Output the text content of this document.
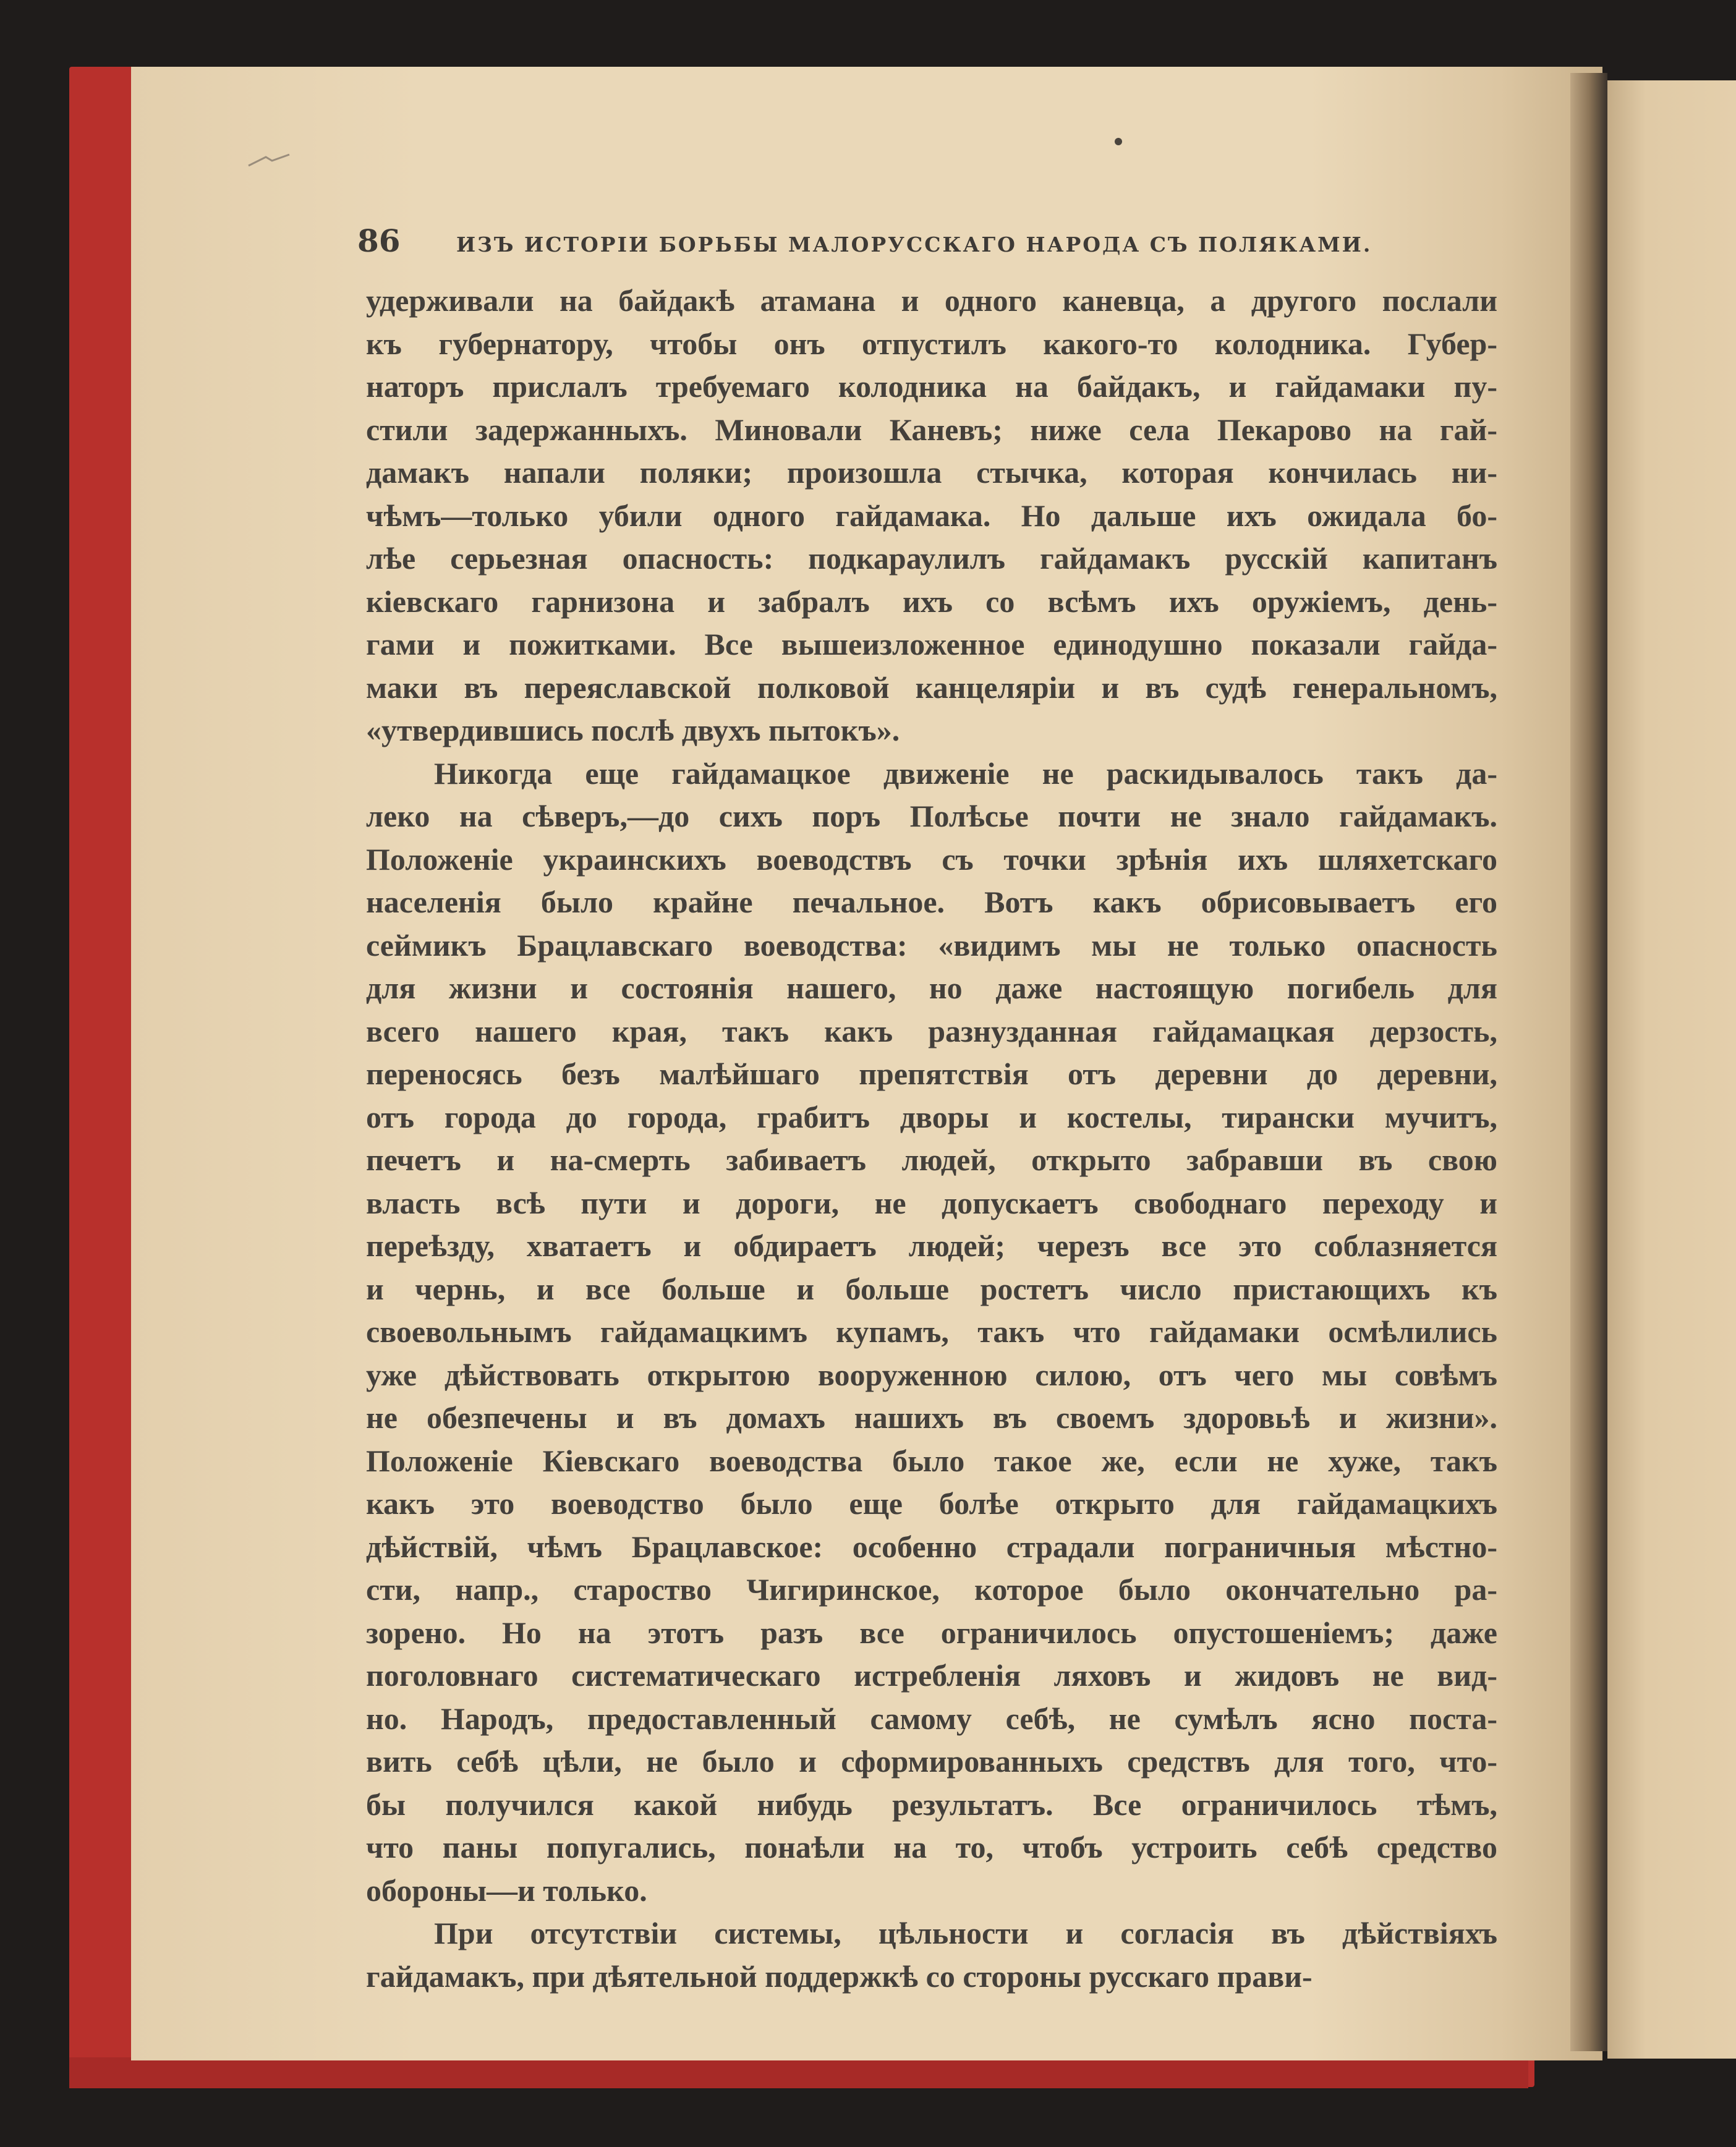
86	ИЗЪ ИСТОРІИ БОРЬБЫ МАЛОРУССКАГО НАРОДА СЪ ПОЛЯКАМИ.
удерживали на байдакѣ атамана и одного каневца, а другого послали
къ губернатору, чтобы онъ отпустилъ какого-то колодника. Губер-
наторъ прислалъ требуемаго колодника на байдакъ, и гайдамаки пу-
стили задержанныхъ. Миновали Каневъ; ниже села Пекарово на гай-
дамакъ напали поляки; произошла стычка, которая кончилась ни-
чѣмъ—только убили одного гайдамака. Но дальше ихъ ожидала бо-
лѣе серьезная опасность: подкараулилъ гайдамакъ русскій капитанъ
кіевскаго гарнизона и забралъ ихъ со всѣмъ ихъ оружіемъ, день-
гами и пожитками. Все вышеизложенное единодушно показали гайда-
маки въ переяславской полковой канцеляріи и въ судѣ генеральномъ,
«утвердившись послѣ двухъ пытокъ».
Никогда еще гайдамацкое движеніе не раскидывалось такъ да-
леко на сѣверъ,—до сихъ поръ Полѣсье почти не знало гайдамакъ.
Положеніе украинскихъ воеводствъ съ точки зрѣнія ихъ шляхетскаго
населенія было крайне печальное. Вотъ какъ обрисовываетъ его
сеймикъ Брацлавскаго воеводства: «видимъ мы не только опасность
для жизни и состоянія нашего, но даже настоящую погибель для
всего нашего края, такъ какъ разнузданная гайдамацкая дерзость,
переносясь безъ малѣйшаго препятствія отъ деревни до деревни,
отъ города до города, грабитъ дворы и костелы, тирански мучитъ,
печетъ и на-смерть забиваетъ людей, открыто забравши въ свою
власть всѣ пути и дороги, не допускаетъ свободнаго переходу и
переѣзду, хватаетъ и обдираетъ людей; черезъ все это соблазняется
и чернь, и все больше и больше ростетъ число пристающихъ къ
своевольнымъ гайдамацкимъ купамъ, такъ что гайдамаки осмѣлились
уже дѣйствовать открытою вооруженною силою, отъ чего мы совѣмъ
не обезпечены и въ домахъ нашихъ въ своемъ здоровьѣ и жизни».
Положеніе Кіевскаго воеводства было такое же, если не хуже, такъ
какъ это воеводство было еще болѣе открыто для гайдамацкихъ
дѣйствій, чѣмъ Брацлавское: особенно страдали пограничныя мѣстно-
сти, напр., староство Чигиринское, которое было окончательно ра-
зорено. Но на этотъ разъ все ограничилось опустошеніемъ; даже
поголовнаго систематическаго истребленія ляховъ и жидовъ не вид-
но. Народъ, предоставленный самому себѣ, не сумѣлъ ясно поста-
вить себѣ цѣли, не было и сформированныхъ средствъ для того, что-
бы получился какой нибудь результатъ. Все ограничилось тѣмъ,
что паны попугались, понаѣли на то, чтобъ устроить себѣ средство
обороны—и только.
При отсутствіи системы, цѣльности и согласія въ дѣйствіяхъ
гайдамакъ, при дѣятельной поддержкѣ со стороны русскаго прави-
